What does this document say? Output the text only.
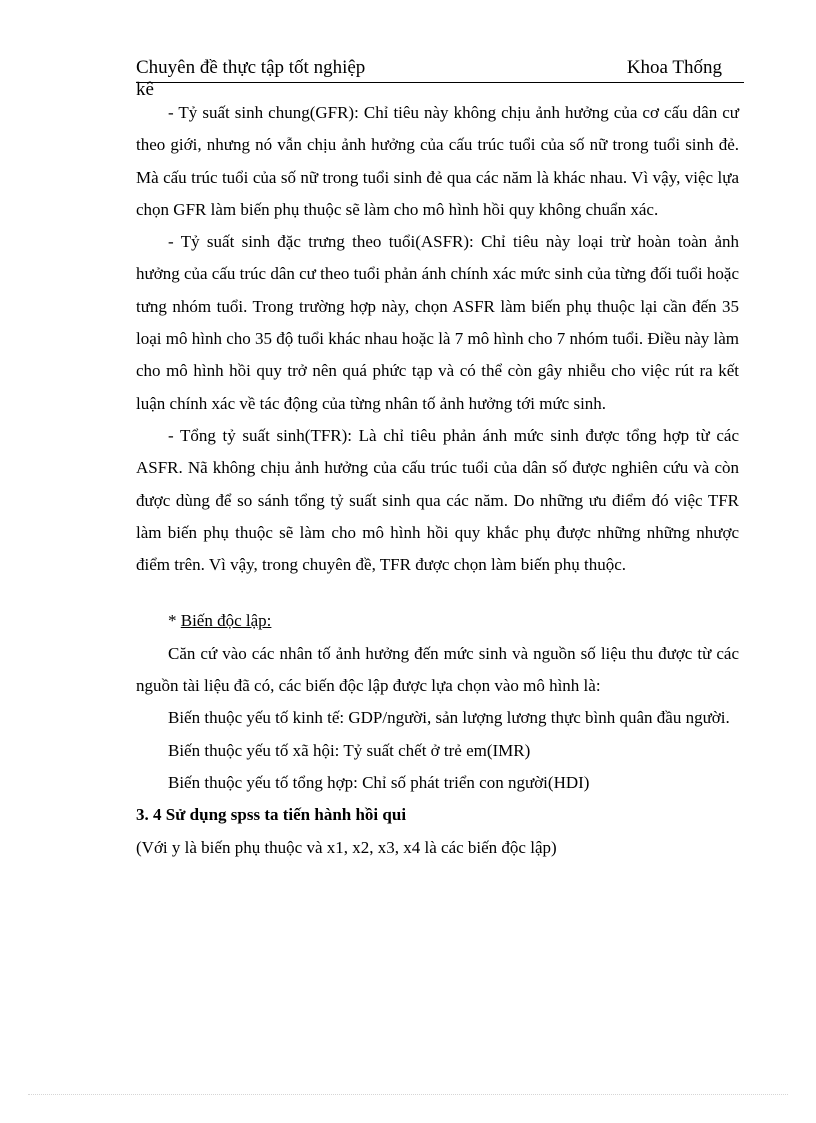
Chuyên đề thực tập tốt nghiệp	Khoa Thống
kê

- Tỷ suất sinh chung(GFR): Chỉ tiêu này không chịu ảnh hưởng của cơ cấu dân cư theo giới, nhưng nó vẫn chịu ảnh hưởng của cấu trúc tuổi của số nữ trong tuổi sinh đẻ. Mà cấu trúc tuổi của số nữ trong tuổi sinh đẻ qua các năm là khác nhau. Vì vậy, việc lựa chọn GFR làm biến phụ thuộc sẽ làm cho mô hình hồi quy không chuẩn xác.

- Tỷ suất sinh đặc trưng theo tuổi(ASFR): Chỉ tiêu này loại trừ hoàn toàn ảnh hưởng của cấu trúc dân cư theo tuổi phản ánh chính xác mức sinh của từng đối tuổi hoặc tưng nhóm tuổi. Trong trường hợp này, chọn ASFR làm biến phụ thuộc lại cần đến 35 loại mô hình cho 35 độ tuổi khác nhau hoặc là 7 mô hình cho 7 nhóm tuổi. Điều này làm cho mô hình hồi quy trở nên quá phức tạp và có thể còn gây nhiễu cho việc rút ra kết luận chính xác về tác động của từng nhân tố ảnh hưởng tới mức sinh.

- Tổng tỷ suất sinh(TFR): Là chỉ tiêu phản ánh mức sinh được tổng hợp từ các ASFR. Nã không chịu ảnh hưởng của cấu trúc tuổi của dân số được nghiên cứu và còn được dùng để so sánh tổng tỷ suất sinh qua các năm. Do những ưu điểm đó việc TFR làm biến phụ thuộc sẽ làm cho mô hình hồi quy khắc phụ được những những nhược điểm trên. Vì vậy, trong chuyên đề, TFR được chọn làm biến phụ thuộc.

* Biến độc lập:

Căn cứ vào các nhân tố ảnh hưởng đến mức sinh và nguồn số liệu thu được từ các nguồn tài liệu đã có, các biến độc lập được lựa chọn vào mô hình là:

Biến thuộc yếu tố kinh tế: GDP/người, sản lượng lương thực bình quân đầu người.

Biến thuộc yếu tố xã hội: Tỷ suất chết ở trẻ em(IMR)

Biến thuộc yếu tố tổng hợp: Chỉ số phát triển con người(HDI)

3. 4 Sử dụng spss ta tiến hành hồi qui

(Với y là biến phụ thuộc và x1, x2, x3, x4 là các biến độc lập)
